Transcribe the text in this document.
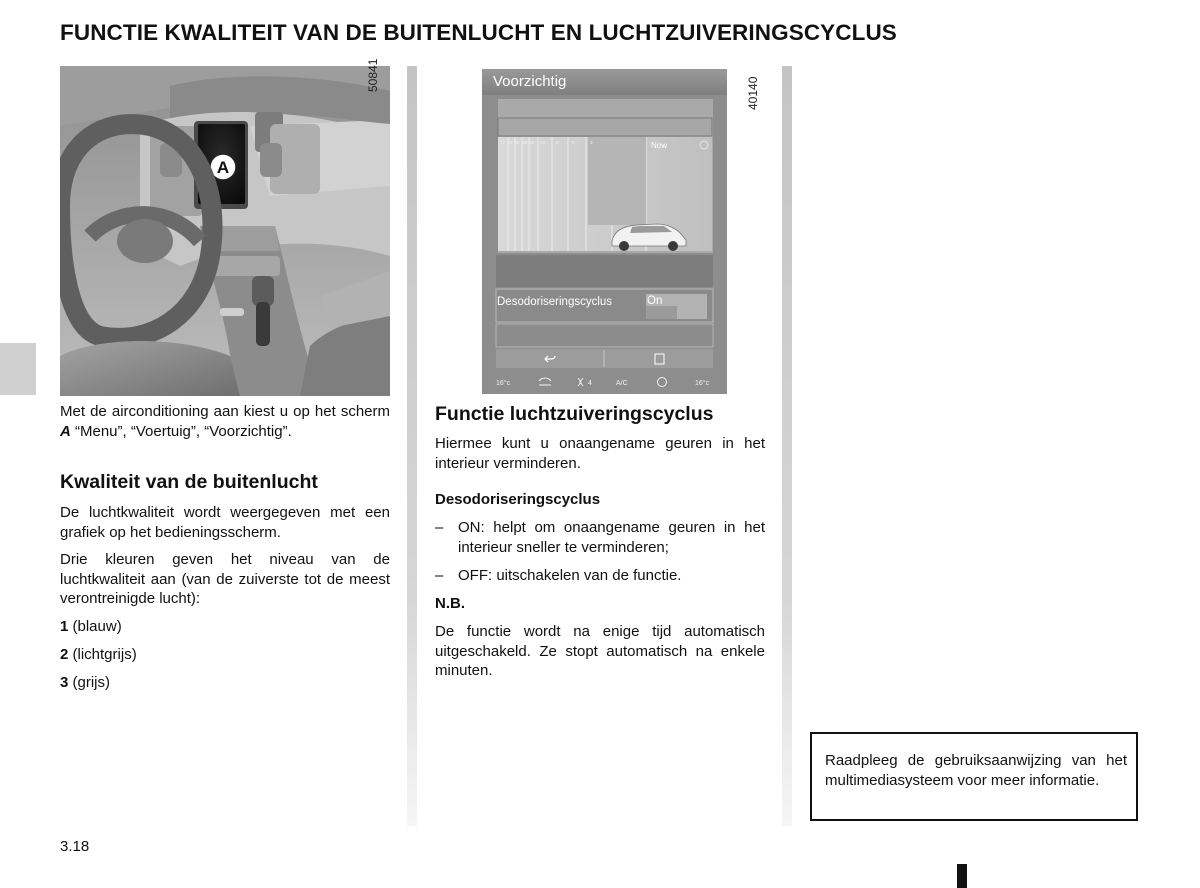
FUNCTIE KWALITEIT VAN DE BUITENLUCHT EN LUCHTZUIVERINGSCYCLUS
A
50841
Met de airconditioning aan kiest u op het scherm A “Menu”, “Voertuig”, “Voorzichtig”.
Kwaliteit van de buitenlucht
De luchtkwaliteit wordt weergegeven met een grafiek op het bedieningsscherm.
Drie kleuren geven het niveau van de luchtkwaliteit aan (van de zuiverste tot de meest verontreinigde lucht):
1 (blauw)
2 (lichtgrijs)
3 (grijs)
Voorzichtig
27 25 21 18 15 12 9	6	3	Now
Desodoriseringscyclus	On
16°c	4	A/C	16°c
40140
Functie luchtzuiveringscyclus
Hiermee kunt u onaangename geuren in het interieur verminderen.
Desodoriseringscyclus
– ON: helpt om onaangename geuren in het interieur sneller te verminderen;
– OFF: uitschakelen van de functie.
N.B.
De functie wordt na enige tijd automatisch uitgeschakeld. Ze stopt automatisch na enkele minuten.
Raadpleeg de gebruiksaanwijzing van het multimediasysteem voor meer informatie.
3.18
